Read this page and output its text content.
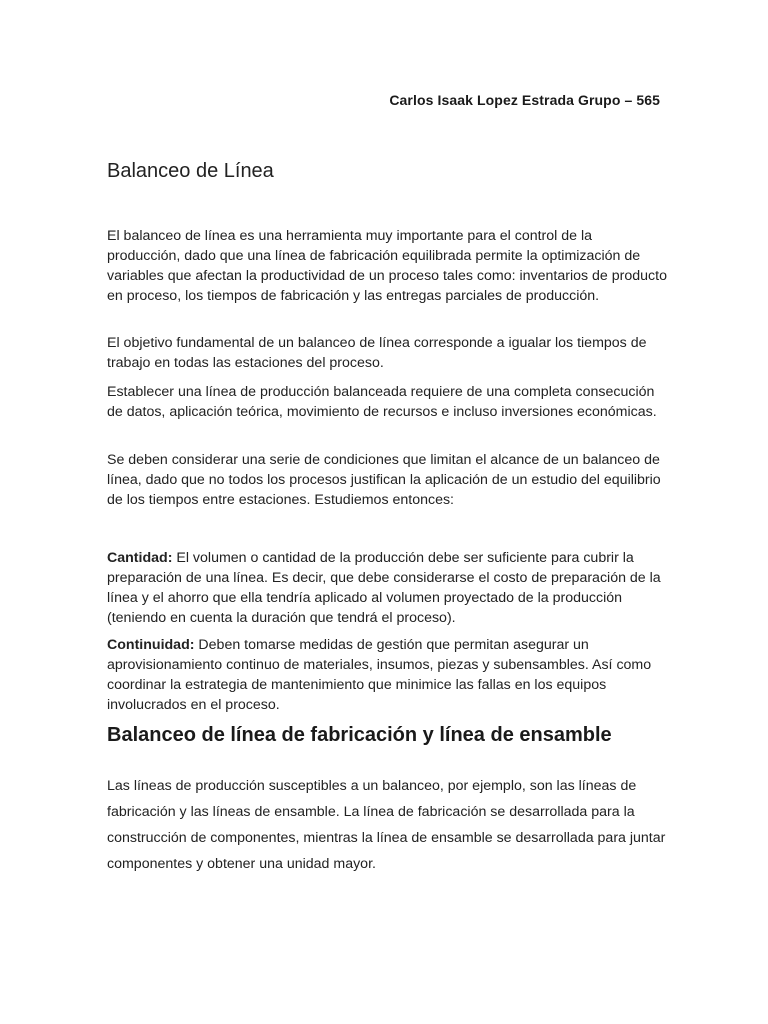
Carlos Isaak Lopez Estrada Grupo – 565
Balanceo de Línea

El balanceo de línea es una herramienta muy importante para el control de la producción, dado que una línea de fabricación equilibrada permite la optimización de variables que afectan la productividad de un proceso tales como: inventarios de producto en proceso, los tiempos de fabricación y las entregas parciales de producción.

El objetivo fundamental de un balanceo de línea corresponde a igualar los tiempos de trabajo en todas las estaciones del proceso.

Establecer una línea de producción balanceada requiere de una completa consecución de datos, aplicación teórica, movimiento de recursos e incluso inversiones económicas.

Se deben considerar una serie de condiciones que limitan el alcance de un balanceo de línea, dado que no todos los procesos justifican la aplicación de un estudio del equilibrio de los tiempos entre estaciones. Estudiemos entonces:

Cantidad: El volumen o cantidad de la producción debe ser suficiente para cubrir la preparación de una línea. Es decir, que debe considerarse el costo de preparación de la línea y el ahorro que ella tendría aplicado al volumen proyectado de la producción (teniendo en cuenta la duración que tendrá el proceso).

Continuidad: Deben tomarse medidas de gestión que permitan asegurar un aprovisionamiento continuo de materiales, insumos, piezas y subensambles. Así como coordinar la estrategia de mantenimiento que minimice las fallas en los equipos involucrados en el proceso.

Balanceo de línea de fabricación y línea de ensamble

Las líneas de producción susceptibles a un balanceo, por ejemplo, son las líneas de fabricación y las líneas de ensamble. La línea de fabricación se desarrollada para la construcción de componentes, mientras la línea de ensamble se desarrollada para juntar componentes y obtener una unidad mayor.
